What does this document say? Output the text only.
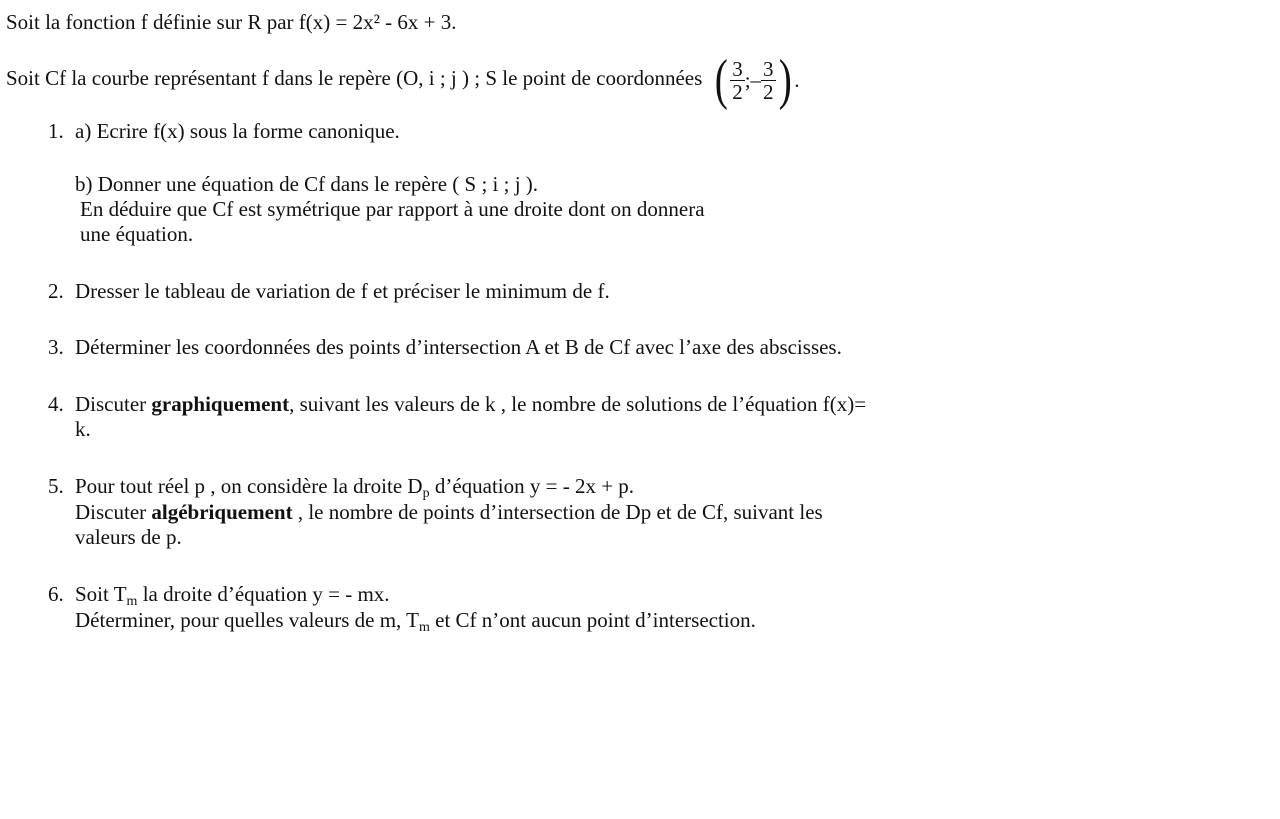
Soit la fonction f définie sur R par f(x) = 2x² - 6x + 3.
Soit Cf la courbe représentant f dans le repère (O, i ; j ) ; S le point de coordonnées ( $\frac{3}{2}$ ;– $\frac{3}{2}$ ) .
1. a) Ecrire f(x) sous la forme canonique.
b) Donner une équation de Cf dans le repère ( S ; i ; j ).
En déduire que Cf est symétrique par rapport à une droite dont on donnera
une équation.
2. Dresser le tableau de variation de f et préciser le minimum de f.
3. Déterminer les coordonnées des points d’intersection A et B de Cf avec l’axe des abscisses.
4. Discuter graphiquement, suivant les valeurs de k , le nombre de solutions de l’équation f(x)=
k.
5. Pour tout réel p , on considère la droite $D_p$ d’équation y = - 2x + p.
Discuter algébriquement , le nombre de points d’intersection de Dp et de Cf, suivant les
valeurs de p.
6. Soit $T_m$ la droite d’équation y = - mx.
Déterminer, pour quelles valeurs de m, $T_m$ et Cf n’ont aucun point d’intersection.
